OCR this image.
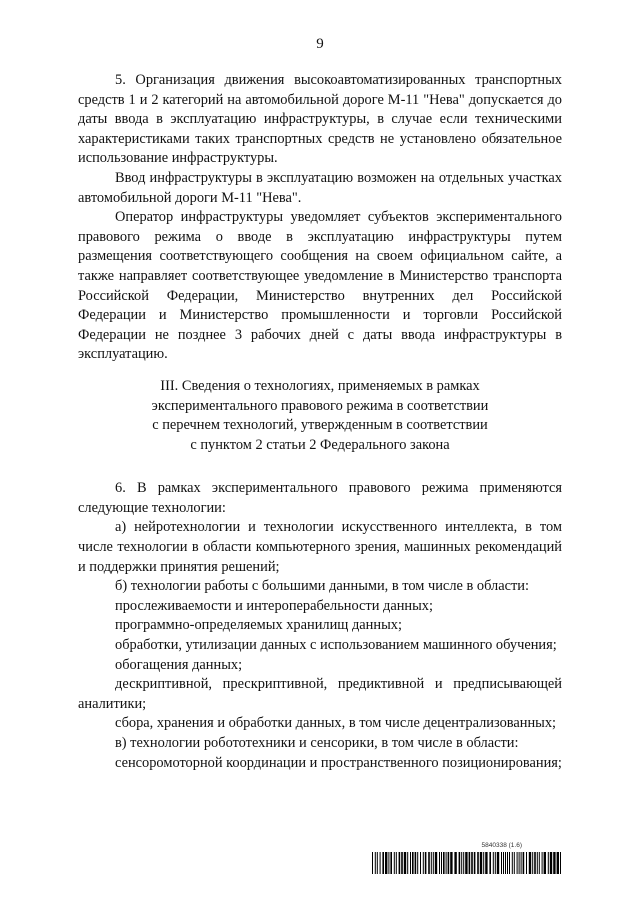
9

5. Организация движения высокоавтоматизированных транспортных средств 1 и 2 категорий на автомобильной дороге М-11 "Нева" допускается до даты ввода в эксплуатацию инфраструктуры, в случае если техническими характеристиками таких транспортных средств не установлено обязательное использование инфраструктуры.

Ввод инфраструктуры в эксплуатацию возможен на отдельных участках автомобильной дороги М-11 "Нева".

Оператор инфраструктуры уведомляет субъектов экспериментального правового режима о вводе в эксплуатацию инфраструктуры путем размещения соответствующего сообщения на своем официальном сайте, а также направляет соответствующее уведомление в Министерство транспорта Российской Федерации, Министерство внутренних дел Российской Федерации и Министерство промышленности и торговли Российской Федерации не позднее 3 рабочих дней с даты ввода инфраструктуры в эксплуатацию.

III. Сведения о технологиях, применяемых в рамках
экспериментального правового режима в соответствии
с перечнем технологий, утвержденным в соответствии
с пунктом 2 статьи 2 Федерального закона

6. В рамках экспериментального правового режима применяются следующие технологии:

а) нейротехнологии и технологии искусственного интеллекта, в том числе технологии в области компьютерного зрения, машинных рекомендаций и поддержки принятия решений;

б) технологии работы с большими данными, в том числе в области:

прослеживаемости и интероперабельности данных;

программно-определяемых хранилищ данных;

обработки, утилизации данных с использованием машинного обучения;

обогащения данных;

дескриптивной, прескриптивной, предиктивной и предписывающей аналитики;

сбора, хранения и обработки данных, в том числе децентрализованных;

в) технологии робототехники и сенсорики, в том числе в области:

сенсоромоторной координации и пространственного позиционирования;

5840338 (1.6)
